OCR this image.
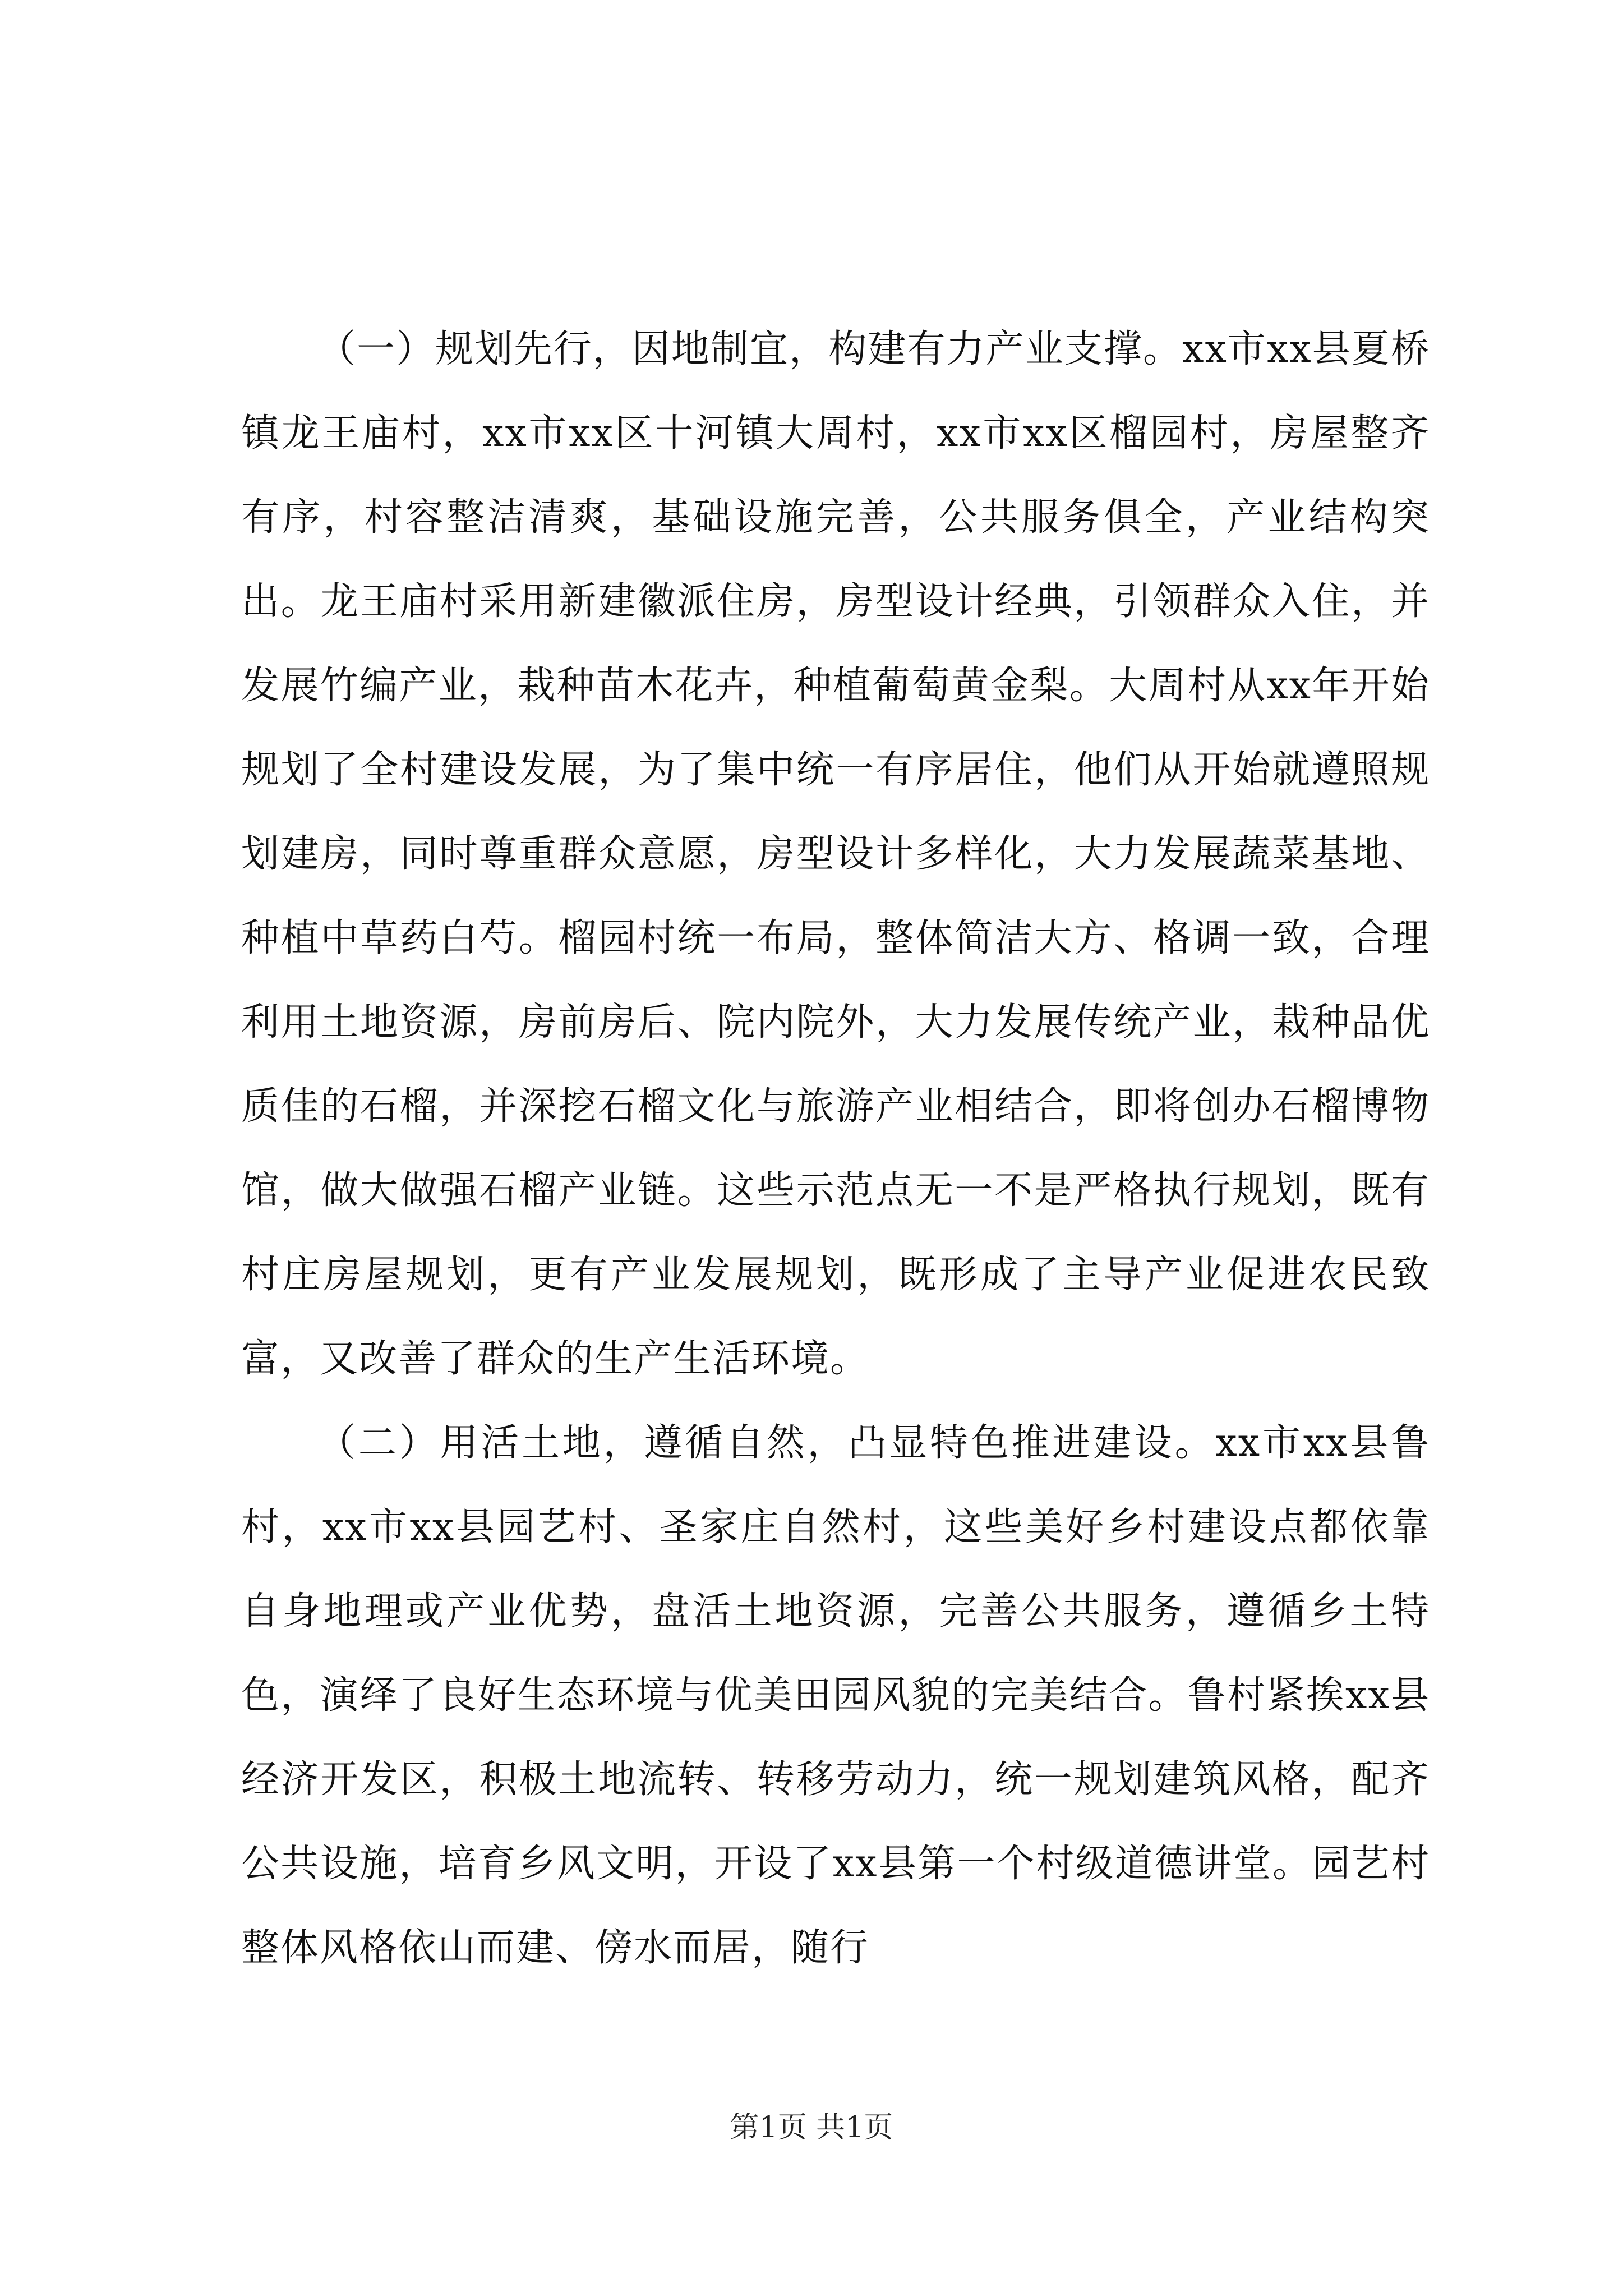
（一）规划先行，因地制宜，构建有力产业支撑。xx市xx县夏桥镇龙王庙村，xx市xx区十河镇大周村，xx市xx区榴园村，房屋整齐有序，村容整洁清爽，基础设施完善，公共服务俱全，产业结构突出。龙王庙村采用新建徽派住房，房型设计经典，引领群众入住，并发展竹编产业，栽种苗木花卉，种植葡萄黄金梨。大周村从xx年开始规划了全村建设发展，为了集中统一有序居住，他们从开始就遵照规划建房，同时尊重群众意愿，房型设计多样化，大力发展蔬菜基地、种植中草药白芍。榴园村统一布局，整体简洁大方、格调一致，合理利用土地资源，房前房后、院内院外，大力发展传统产业，栽种品优质佳的石榴，并深挖石榴文化与旅游产业相结合，即将创办石榴博物馆，做大做强石榴产业链。这些示范点无一不是严格执行规划，既有村庄房屋规划，更有产业发展规划，既形成了主导产业促进农民致富，又改善了群众的生产生活环境。

（二）用活土地，遵循自然，凸显特色推进建设。xx市xx县鲁村，xx市xx县园艺村、圣家庄自然村，这些美好乡村建设点都依靠自身地理或产业优势，盘活土地资源，完善公共服务，遵循乡土特色，演绎了良好生态环境与优美田园风貌的完美结合。鲁村紧挨xx县经济开发区，积极土地流转、转移劳动力，统一规划建筑风格，配齐公共设施，培育乡风文明，开设了xx县第一个村级道德讲堂。园艺村整体风格依山而建、傍水而居，随行

第1页 共1页
